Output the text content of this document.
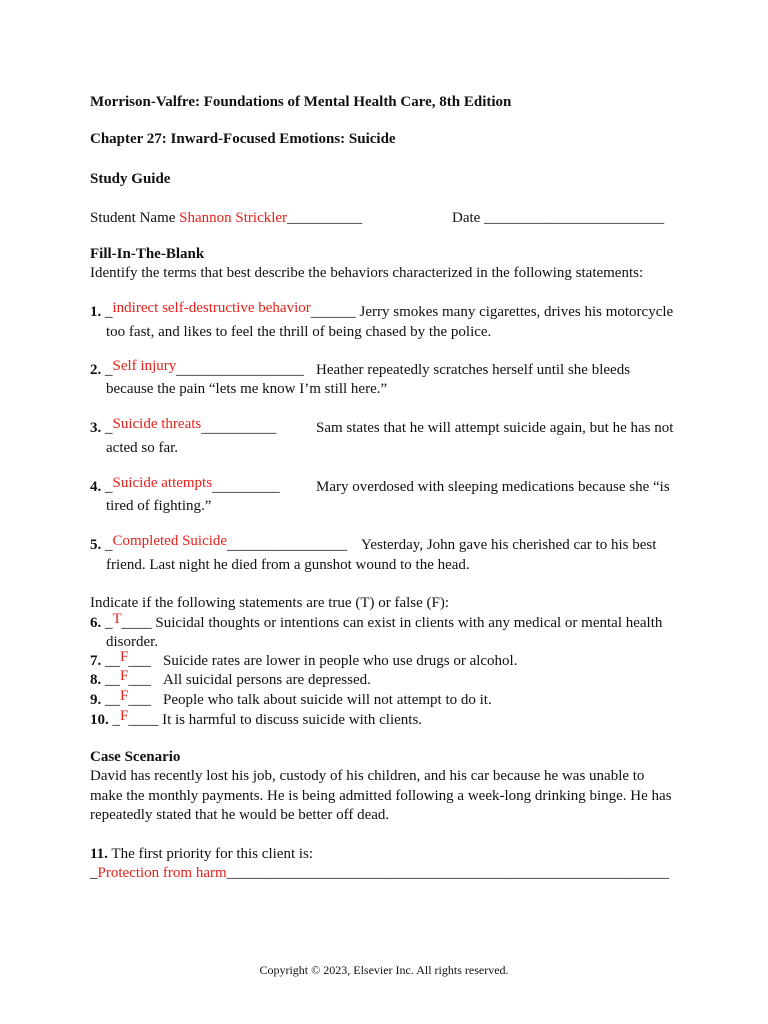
Morrison-Valfre: Foundations of Mental Health Care, 8th Edition
Chapter 27: Inward-Focused Emotions: Suicide
Study Guide
Student Name Shannon Strickler__________	Date ________________________
Fill-In-The-Blank
Identify the terms that best describe the behaviors characterized in the following statements:
1. _indirect self-destructive behavior______ Jerry smokes many cigarettes, drives his motorcycle
too fast, and likes to feel the thrill of being chased by the police.
2. _Self injury_________________ Heather repeatedly scratches herself until she bleeds
because the pain “lets me know I’m still here.”
3. _Suicide threats__________	Sam states that he will attempt suicide again, but he has not
acted so far.
4. _Suicide attempts_________ Mary overdosed with sleeping medications because she “is
tired of fighting.”
5. _Completed Suicide________________ Yesterday, John gave his cherished car to his best
friend. Last night he died from a gunshot wound to the head.
Indicate if the following statements are true (T) or false (F):
6. _T____ Suicidal thoughts or intentions can exist in clients with any medical or mental health
disorder.
7. __F___ Suicide rates are lower in people who use drugs or alcohol.
8. __F___ All suicidal persons are depressed.
9. __F___ People who talk about suicide will not attempt to do it.
10. _F____ It is harmful to discuss suicide with clients.
Case Scenario
David has recently lost his job, custody of his children, and his car because he was unable to
make the monthly payments. He is being admitted following a week-long drinking binge. He has
repeatedly stated that he would be better off dead.
11. The first priority for this client is:
_Protection from harm___________________________________________________________
Copyright © 2023, Elsevier Inc. All rights reserved.
